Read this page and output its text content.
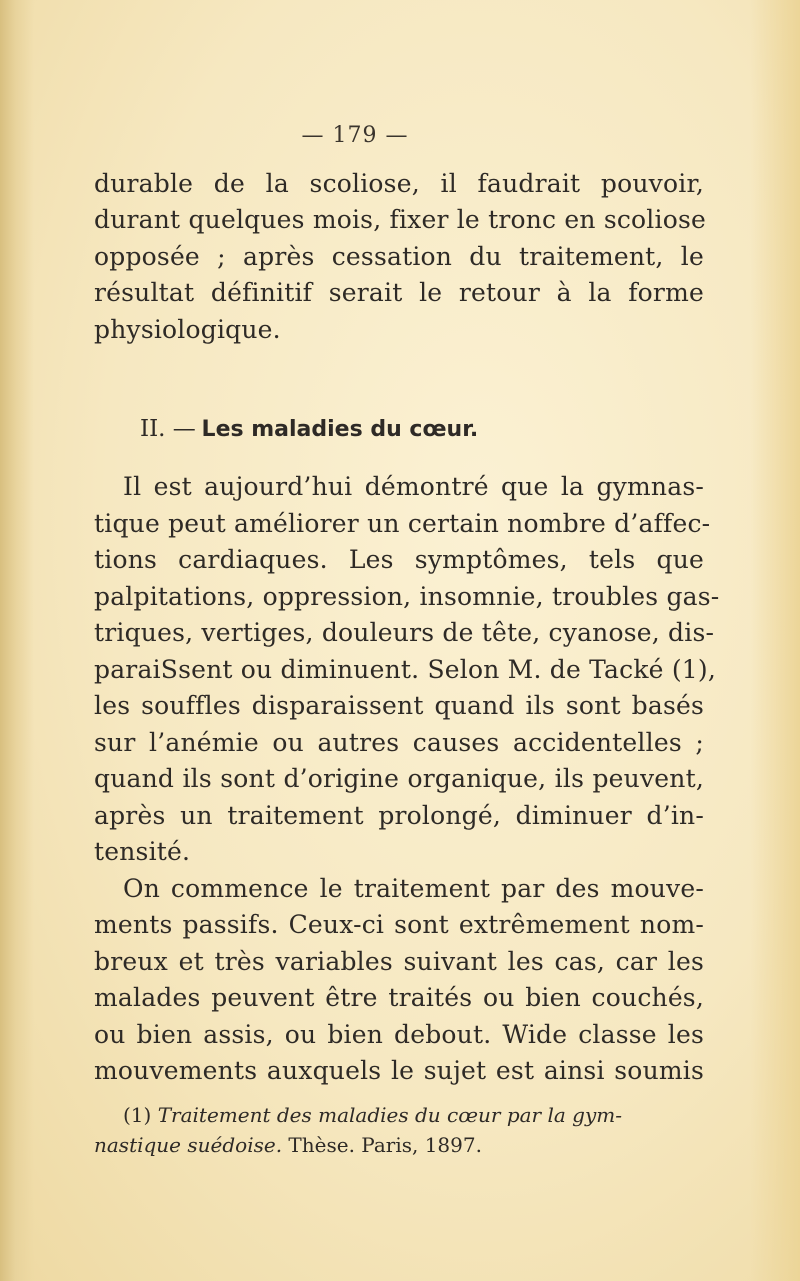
— 179 —
durable de la scoliose, il faudrait pouvoir,
durant quelques mois, fixer le tronc en scoliose
opposée ; après cessation du traitement, le
résultat définitif serait le retour à la forme
physiologique.
II. — Les maladies du cœur.
Il est aujourd’hui démontré que la gymnas-
tique peut améliorer un certain nombre d’affec-
tions cardiaques. Les symptômes, tels que
palpitations, oppression, insomnie, troubles gas-
triques, vertiges, douleurs de tête, cyanose, dis-
paraiSsent ou diminuent. Selon M. de Tacké (1),
les souffles disparaissent quand ils sont basés
sur l’anémie ou autres causes accidentelles ;
quand ils sont d’origine organique, ils peuvent,
après un traitement prolongé, diminuer d’in-
tensité.
On commence le traitement par des mouve-
ments passifs. Ceux-ci sont extrêmement nom-
breux et très variables suivant les cas, car les
malades peuvent être traités ou bien couchés,
ou bien assis, ou bien debout. Wide classe les
mouvements auxquels le sujet est ainsi soumis
(1) Traitement des maladies du cœur par la gym-
nastique suédoise. Thèse. Paris, 1897.
